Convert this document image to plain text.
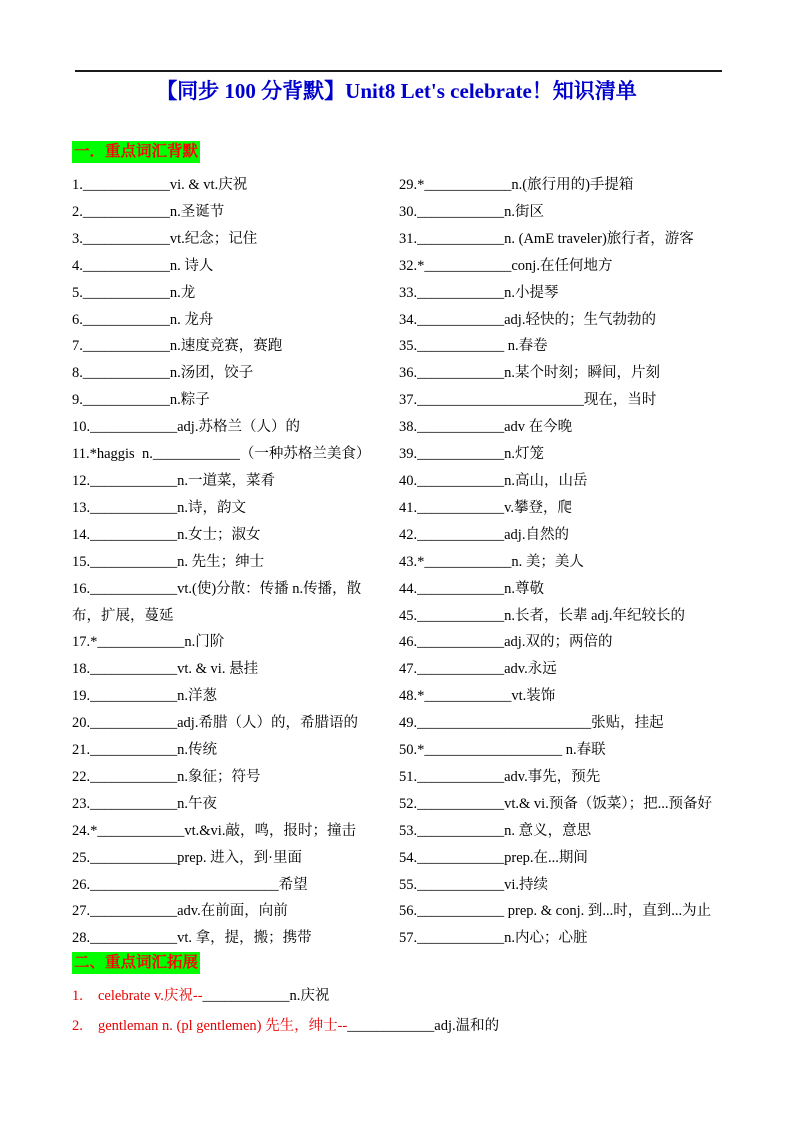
【同步 100 分背默】Unit8 Let's celebrate！知识清单
一．重点词汇背默
1.____________vi. & vt.庆祝
2.____________n.圣诞节
3.____________vt.纪念；记住
4.____________n. 诗人
5.____________n.龙
6.____________n. 龙舟
7.____________n.速度竞赛，赛跑
8.____________n.汤团，饺子
9.____________n.粽子
10.____________adj.苏格兰（人）的
11.*haggis  n.____________（一种苏格兰美食）
12.____________n.一道菜，菜肴
13.____________n.诗，韵文
14.____________n.女士；淑女
15.____________n. 先生；绅士
16.____________vt.(使)分散：传播 n.传播，散布，扩展，蔓延
17.*____________n.门阶
18.____________vt. & vi. 悬挂
19.____________n.洋葱
20.____________adj.希腊（人）的，希腊语的
21.____________n.传统
22.____________n.象征；符号
23.____________n.午夜
24.*____________vt.&vi.敲，鸣，报时；撞击
25.____________prep. 进入，到·里面
26.__________________________希望
27.____________adv.在前面，向前
28.____________vt. 拿，提，搬；携带
29.*____________n.(旅行用的)手提箱
30.____________n.街区
31.____________n. (AmE traveler)旅行者，游客
32.*____________conj.在任何地方
33.____________n.小提琴
34.____________adj.轻快的；生气勃勃的
35.____________ n.春卷
36.____________n.某个时刻；瞬间，片刻
37._______________________现在，当时
38.____________adv 在今晚
39.____________n.灯笼
40.____________n.高山，山岳
41.____________v.攀登，爬
42.____________adj.自然的
43.*____________n. 美；美人
44.____________n.尊敬
45.____________n.长者，长辈 adj.年纪较长的
46.____________adj.双的；两倍的
47.____________adv.永远
48.*____________vt.装饰
49.________________________张贴，挂起
50.*___________________ n.春联
51.____________adv.事先，预先
52.____________vt.& vi.预备（饭菜）；把...预备好
53.____________n. 意义，意思
54.____________prep.在...期间
55.____________vi.持续
56.____________ prep. & conj. 到...时，直到...为止
57.____________n.内心；心脏
二、重点词汇拓展
1.	celebrate v.庆祝--____________n.庆祝
2.	gentleman n. (pl gentlemen) 先生，绅士--____________adj.温和的
